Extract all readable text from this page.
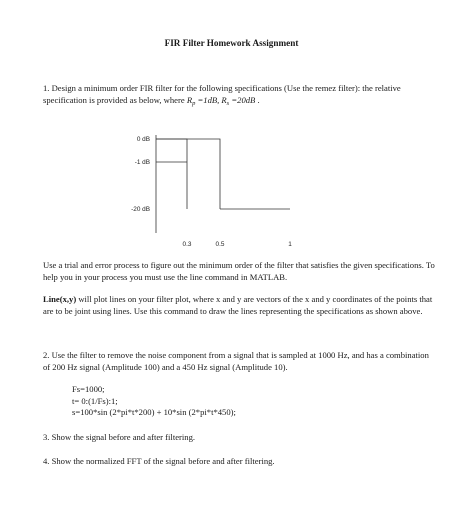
FIR Filter Homework Assignment

1. Design a minimum order FIR filter for the following specifications (Use the remez filter): the relative specification is provided as below, where $R_p =1dB$, $R_s =20dB$ .

0 dB
-1 dB
-20 dB
0.3	0.5	1

Use a trial and error process to figure out the minimum order of the filter that satisfies the given specifications. To help you in your process you must use the line command in MATLAB.

Line(x,y) will plot lines on your filter plot, where x and y are vectors of the x and y coordinates of the points that are to be joint using lines. Use this command to draw the lines representing the specifications as shown above.

2. Use the filter to remove the noise component from a signal that is sampled at 1000 Hz, and has a combination of 200 Hz signal (Amplitude 100) and a 450 Hz signal (Amplitude 10).

Fs=1000;
t= 0:(1/Fs):1;
s=100*sin (2*pi*t*200) + 10*sin (2*pi*t*450);

3. Show the signal before and after filtering.

4. Show the normalized FFT of the signal before and after filtering.
